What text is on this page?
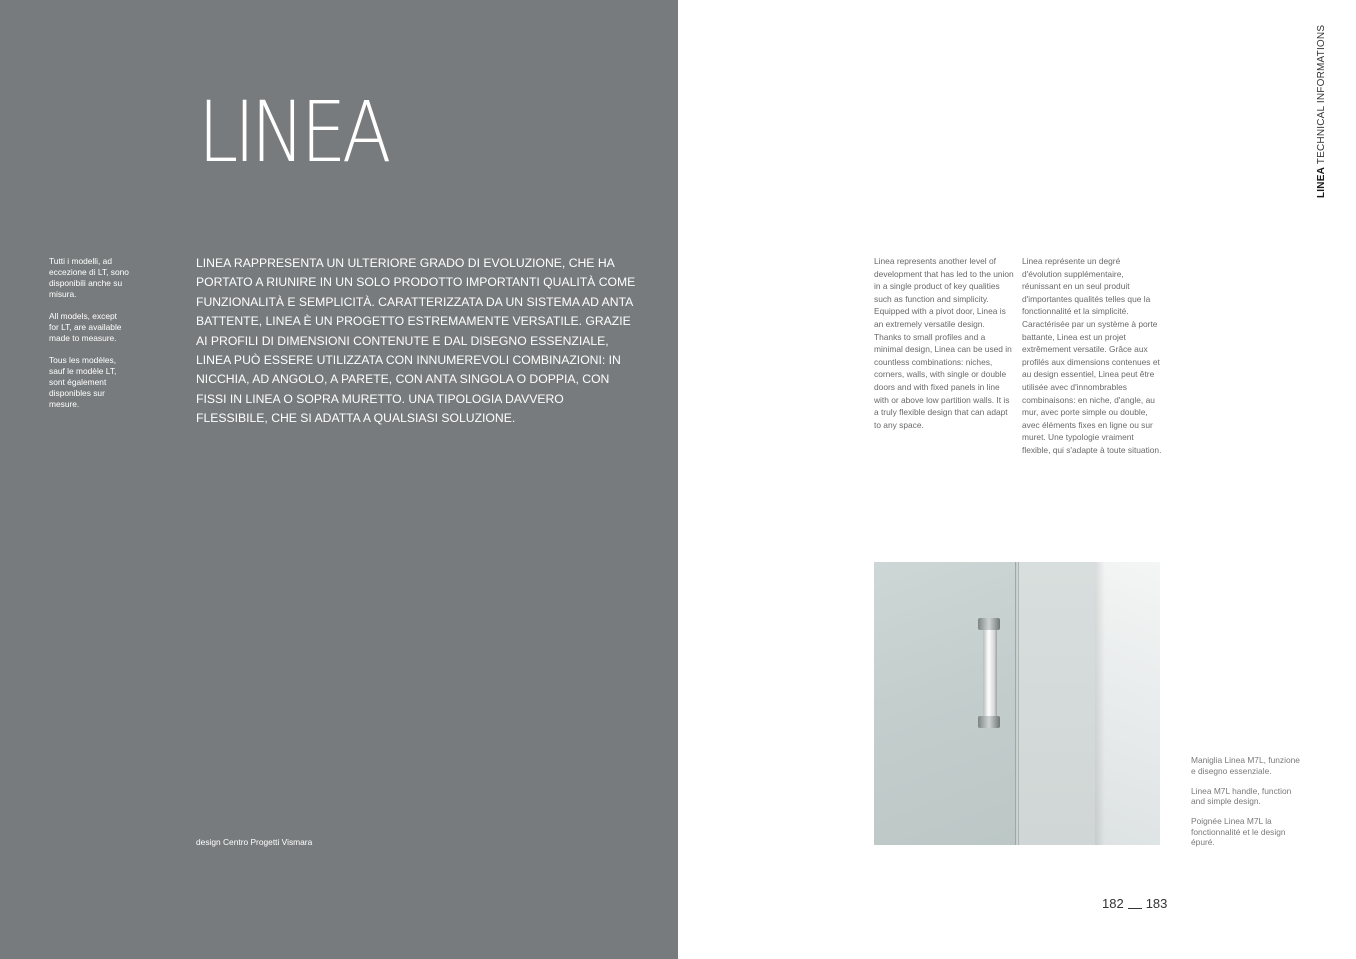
LINEA

Tutti i modelli, ad eccezione di LT, sono disponibili anche su misura.

All models, except for LT, are available made to measure.

Tous les modèles, sauf le modèle LT, sont également disponibles sur mesure.

LINEA RAPPRESENTA UN ULTERIORE GRADO DI EVOLUZIONE, CHE HA PORTATO A RIUNIRE IN UN SOLO PRODOTTO IMPORTANTI QUALITÀ COME FUNZIONALITÀ E SEMPLICITÀ. CARATTERIZZATA DA UN SISTEMA AD ANTA BATTENTE, LINEA È UN PROGETTO ESTREMAMENTE VERSATILE. GRAZIE AI PROFILI DI DIMENSIONI CONTENUTE E DAL DISEGNO ESSENZIALE, LINEA PUÒ ESSERE UTILIZZATA CON INNUMEREVOLI COMBINAZIONI: IN NICCHIA, AD ANGOLO, A PARETE, CON ANTA SINGOLA O DOPPIA, CON FISSI IN LINEA O SOPRA MURETTO. UNA TIPOLOGIA DAVVERO FLESSIBILE, CHE SI ADATTA A QUALSIASI SOLUZIONE.

design Centro Progetti Vismara
LINEA TECHNICAL INFORMATIONS

Linea represents another level of development that has led to the union in a single product of key qualities such as function and simplicity. Equipped with a pivot door, Linea is an extremely versatile design. Thanks to small profiles and a minimal design, Linea can be used in countless combinations: niches, corners, walls, with single or double doors and with fixed panels in line with or above low partition walls. It is a truly flexible design that can adapt to any space.

Linea représente un degré d'évolution supplémentaire, réunissant en un seul produit d'importantes qualités telles que la fonctionnalité et la simplicité. Caractérisée par un système à porte battante, Linea est un projet extrêmement versatile. Grâce aux profilés aux dimensions contenues et au design essentiel, Linea peut être utilisée avec d'innombrables combinaisons: en niche, d'angle, au mur, avec porte simple ou double, avec éléments fixes en ligne ou sur muret. Une typologie vraiment flexible, qui s'adapte à toute situation.

Maniglia Linea M7L, funzione e disegno essenziale.

Linea M7L handle, function and simple design.

Poignée Linea M7L la fonctionnalité et le design épuré.

182 183
